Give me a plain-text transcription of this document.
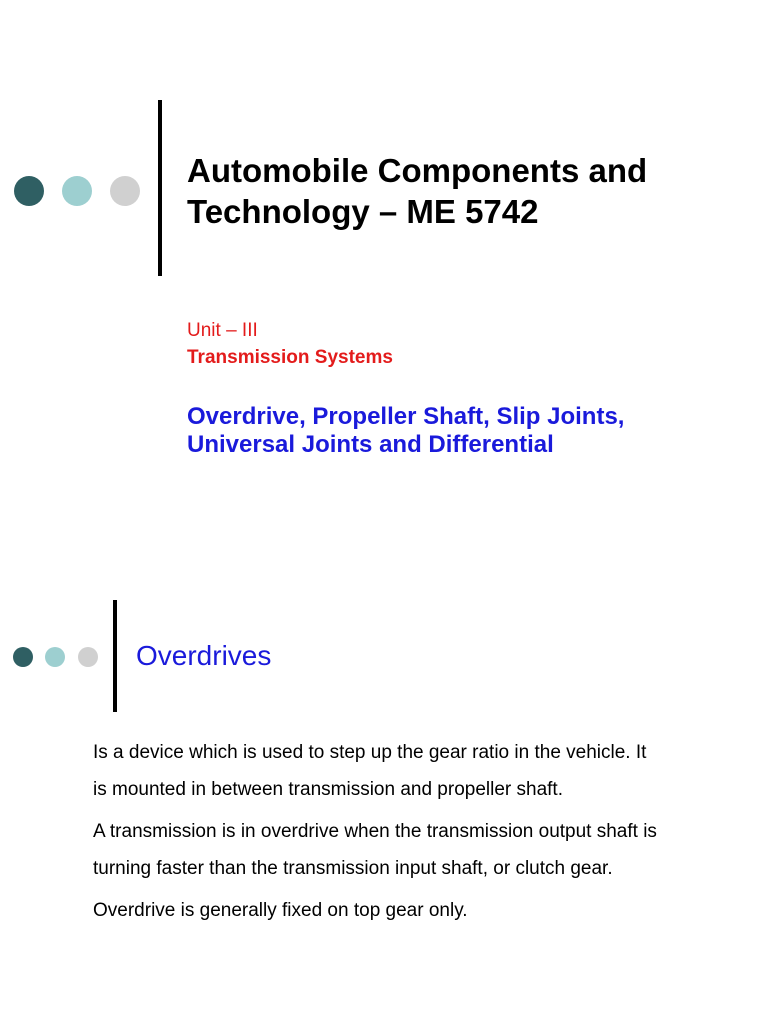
Automobile Components and
Technology – ME 5742
Unit – III
Transmission Systems
Overdrive, Propeller Shaft, Slip Joints,
Universal Joints and Differential
Overdrives

Is a device which is used to step up the gear ratio in the vehicle. It
is mounted in between transmission and propeller shaft.

A transmission is in overdrive when the transmission output shaft is
turning faster than the transmission input shaft, or clutch gear.

Overdrive is generally fixed on top gear only.
